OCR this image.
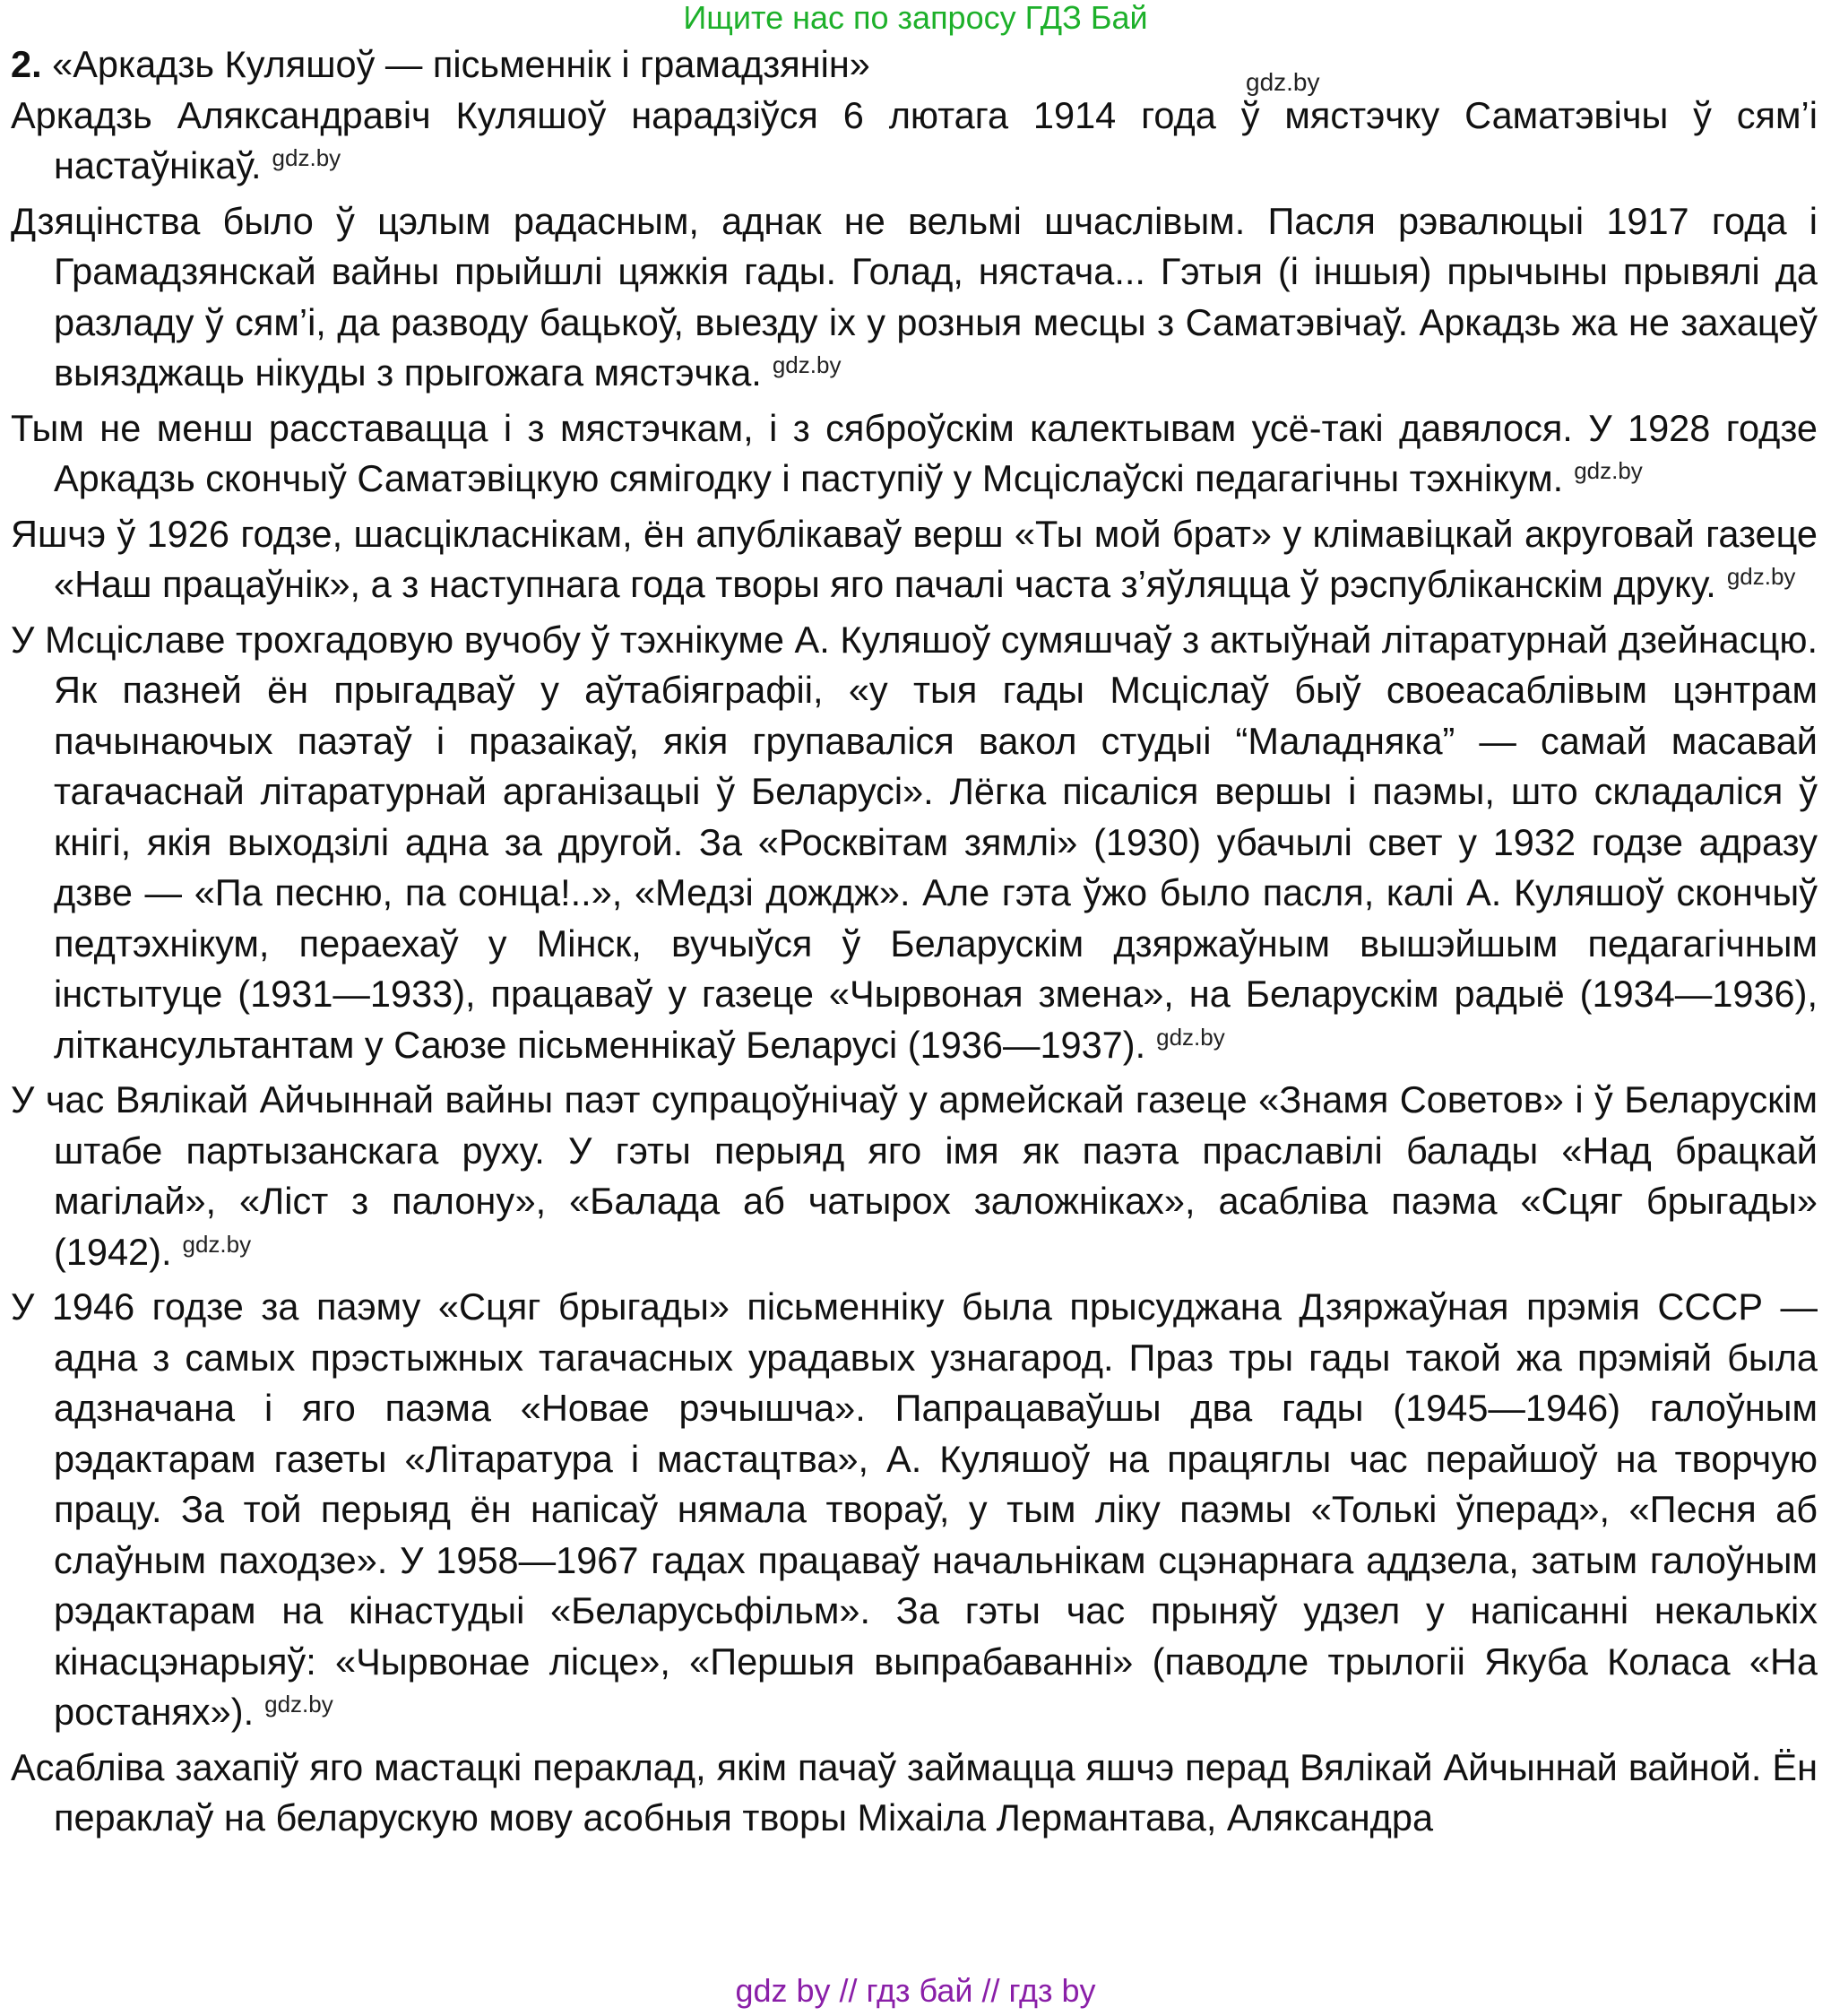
Ищите нас по запросу ГДЗ Бай
2. «Аркадзь Куляшоў — пісьменнік і грамадзянін»	gdz.by

Аркадзь Аляксандравіч Куляшоў нарадзіўся 6 лютага 1914 года ў мястэчку Саматэвічы ў сям’і настаўнікаў. $^{gdz.by}$

Дзяцінства было ў цэлым радасным, аднак не вельмі шчаслівым. Пасля рэвалюцыі 1917 года і Грамадзянскай вайны прыйшлі цяжкія гады. Голад, нястача... Гэтыя (і іншыя) прычыны прывялі да разладу ў сям’і, да разводу бацькоў, выезду іх у розныя месцы з Саматэвічаў. Аркадзь жа не захацеў выязджаць нікуды з прыгожага мястэчка. $^{gdz.by}$

Тым не менш расставацца і з мястэчкам, і з сяброўскім калектывам усё-такі давялося. У 1928 годзе Аркадзь скончыў Саматэвіцкую сямігодку і паступіў у Мсціслаўскі педагагічны тэхнікум. $^{gdz.by}$

Яшчэ ў 1926 годзе, шасцікласнікам, ён апублікаваў верш «Ты мой брат» у клімавіцкай акруговай газеце «Наш працаўнік», а з наступнага года творы яго пачалі часта з’яўляцца ў рэспубліканскім друку. $^{gdz.by}$

У Мсціславе трохгадовую вучобу ў тэхнікуме А. Куляшоў сумяшчаў з актыўнай літаратурнай дзейнасцю. Як пазней ён прыгадваў у аўтабіяграфіі, «у тыя гады Мсціслаў быў своеасаблівым цэнтрам пачынаючых паэтаў і празаікаў, якія групаваліся вакол студыі “Маладняка” — самай масавай тагачаснай літаратурнай арганізацыі ў Беларусі». Лёгка пісаліся вершы і паэмы, што складаліся ў кнігі, якія выходзілі адна за другой. За «Росквітам зямлі» (1930) убачылі свет у 1932 годзе адразу дзве — «Па песню, па сонца!..», «Медзі дождж». Але гэта ўжо было пасля, калі А. Куляшоў скончыў педтэхнікум, пераехаў у Мінск, вучыўся ў Беларускім дзяржаўным вышэйшым педагагічным інстытуце (1931—1933), працаваў у газеце «Чырвоная змена», на Беларускім радыё (1934—1936), літкансультантам у Саюзе пісьменнікаў Беларусі (1936—1937). $^{gdz.by}$

У час Вялікай Айчыннай вайны паэт супрацоўнічаў у армейскай газеце «Знамя Советов» і ў Беларускім штабе партызанскага руху. У гэты перыяд яго імя як паэта праславілі балады «Над брацкай магілай», «Ліст з палону», «Балада аб чатырох заложніках», асабліва паэма «Сцяг брыгады» (1942). $^{gdz.by}$

У 1946 годзе за паэму «Сцяг брыгады» пісьменніку была прысуджана Дзяржаўная прэмія СССР — адна з самых прэстыжных тагачасных урадавых узнагарод. Праз тры гады такой жа прэміяй была адзначана і яго паэма «Новае рэчышча». Папрацаваўшы два гады (1945—1946) галоўным рэдактарам газеты «Літаратура і мастацтва», А. Куляшоў на працяглы час перайшоў на творчую працу. За той перыяд ён напісаў нямала твораў, у тым ліку паэмы «Толькі ўперад», «Песня аб слаўным паходзе». У 1958—1967 гадах працаваў начальнікам сцэнарнага аддзела, затым галоўным рэдактарам на кінастудыі «Беларусьфільм». За гэты час прыняў удзел у напісанні некалькіх кінасцэнарыяў: «Чырвонае лісце», «Першыя выпрабаванні» (паводле трылогіі Якуба Коласа «На ростанях»). $^{gdz.by}$

Асабліва захапіў яго мастацкі пераклад, якім пачаў займацца яшчэ перад Вялікай Айчыннай вайной. Ён пераклаў на беларускую мову асобныя творы Міхаіла Лермантава, Аляксандра

gdz by // гдз бай // гдз by
